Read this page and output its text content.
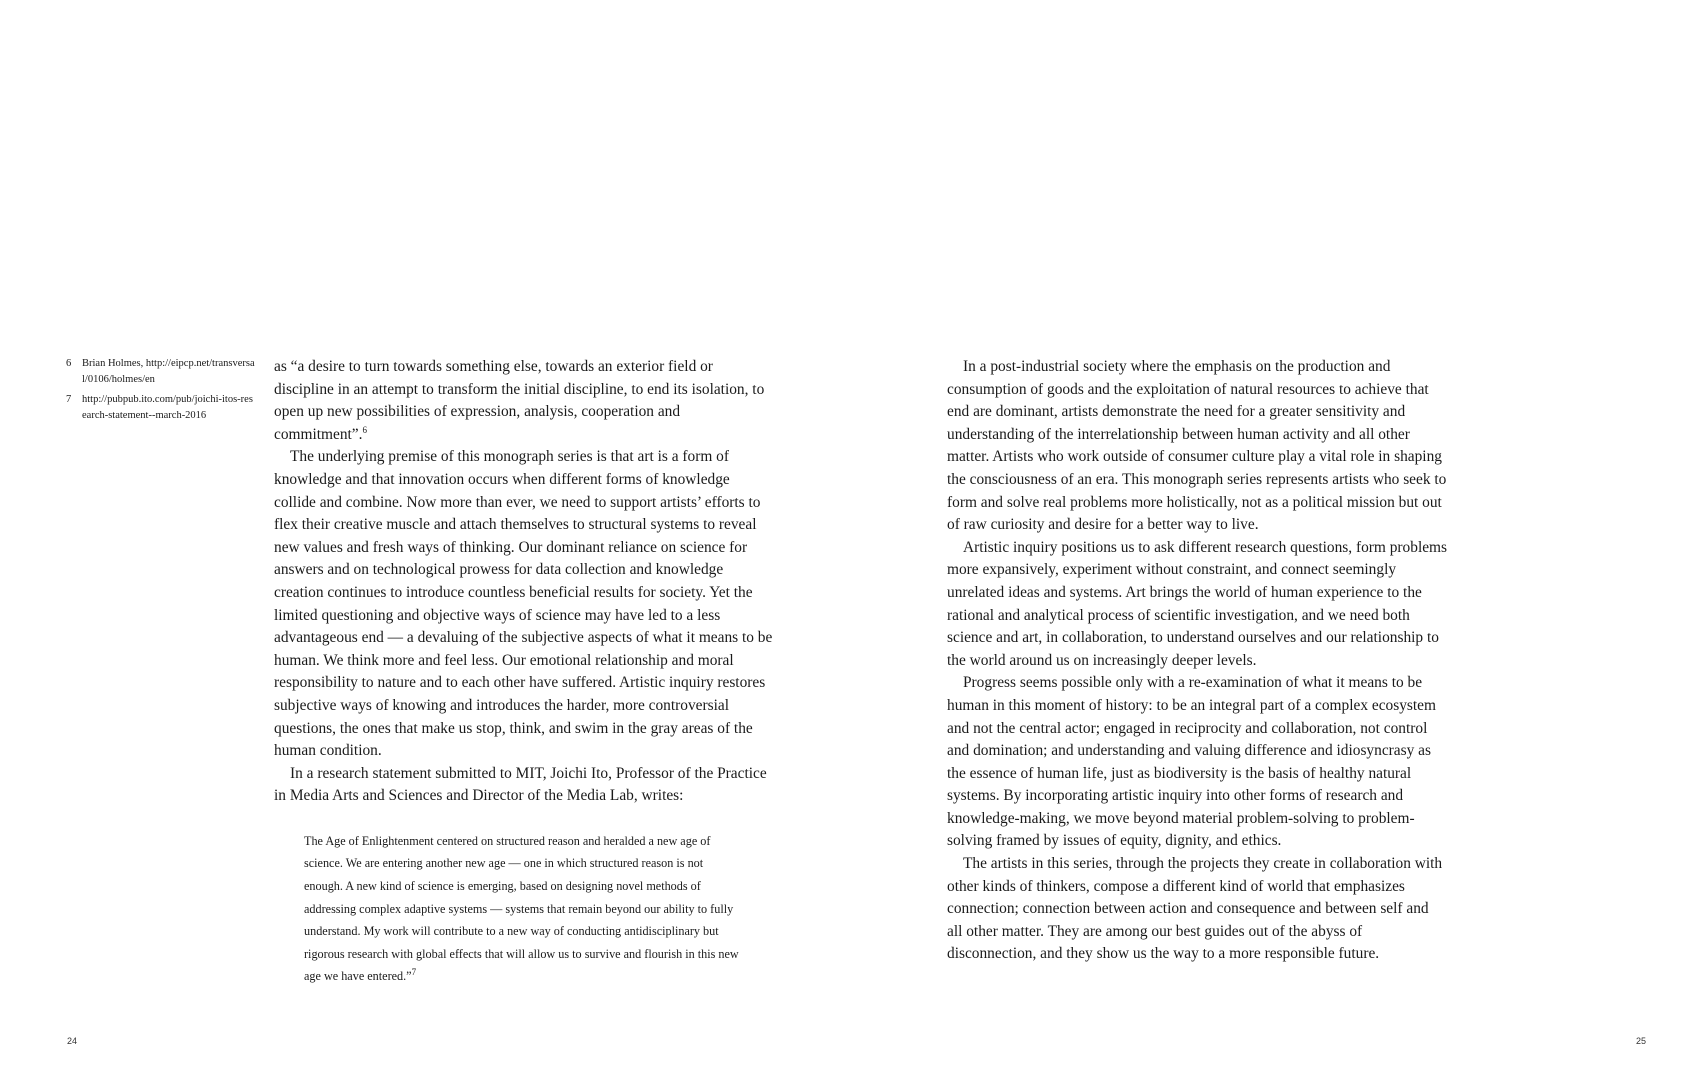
6	Brian Holmes, http://eipcp.net/transversal/0106/holmes/en
7	http://pubpub.ito.com/pub/joichi-itos-research-statement--march-2016

as “a desire to turn towards something else, towards an exterior field or discipline in an attempt to transform the initial discipline, to end its isolation, to open up new possibilities of expression, analysis, cooperation and commitment”.$^6$

The underlying premise of this monograph series is that art is a form of knowledge and that innovation occurs when different forms of knowledge collide and combine. Now more than ever, we need to support artists’ efforts to flex their creative muscle and attach themselves to structural systems to reveal new values and fresh ways of thinking. Our dominant reliance on science for answers and on technological prowess for data collection and knowledge creation continues to introduce countless beneficial results for society. Yet the limited questioning and objective ways of science may have led to a less advantageous end — a devaluing of the subjective aspects of what it means to be human. We think more and feel less. Our emotional relationship and moral responsibility to nature and to each other have suffered. Artistic inquiry restores subjective ways of knowing and introduces the harder, more controversial questions, the ones that make us stop, think, and swim in the gray areas of the human condition.

In a research statement submitted to MIT, Joichi Ito, Professor of the Practice in Media Arts and Sciences and Director of the Media Lab, writes:

The Age of Enlightenment centered on structured reason and heralded a new age of science. We are entering another new age — one in which structured reason is not enough. A new kind of science is emerging, based on designing novel methods of addressing complex adaptive systems — systems that remain beyond our ability to fully understand. My work will contribute to a new way of conducting antidisciplinary but rigorous research with global effects that will allow us to survive and flourish in this new age we have entered.”$^7$

In a post-industrial society where the emphasis on the production and consumption of goods and the exploitation of natural resources to achieve that end are dominant, artists demonstrate the need for a greater sensitivity and understanding of the interrelationship between human activity and all other matter. Artists who work outside of consumer culture play a vital role in shaping the consciousness of an era. This monograph series represents artists who seek to form and solve real problems more holistically, not as a political mission but out of raw curiosity and desire for a better way to live.

Artistic inquiry positions us to ask different research questions, form problems more expansively, experiment without constraint, and connect seemingly unrelated ideas and systems. Art brings the world of human experience to the rational and analytical process of scientific investigation, and we need both science and art, in collaboration, to understand ourselves and our relationship to the world around us on increasingly deeper levels.

Progress seems possible only with a re-examination of what it means to be human in this moment of history: to be an integral part of a complex ecosystem and not the central actor; engaged in reciprocity and collaboration, not control and domination; and understanding and valuing difference and idiosyncrasy as the essence of human life, just as biodiversity is the basis of healthy natural systems. By incorporating artistic inquiry into other forms of research and knowledge-making, we move beyond material problem-solving to problem-solving framed by issues of equity, dignity, and ethics.

The artists in this series, through the projects they create in collaboration with other kinds of thinkers, compose a different kind of world that emphasizes connection; connection between action and consequence and between self and all other matter. They are among our best guides out of the abyss of disconnection, and they show us the way to a more responsible future.

24	25
